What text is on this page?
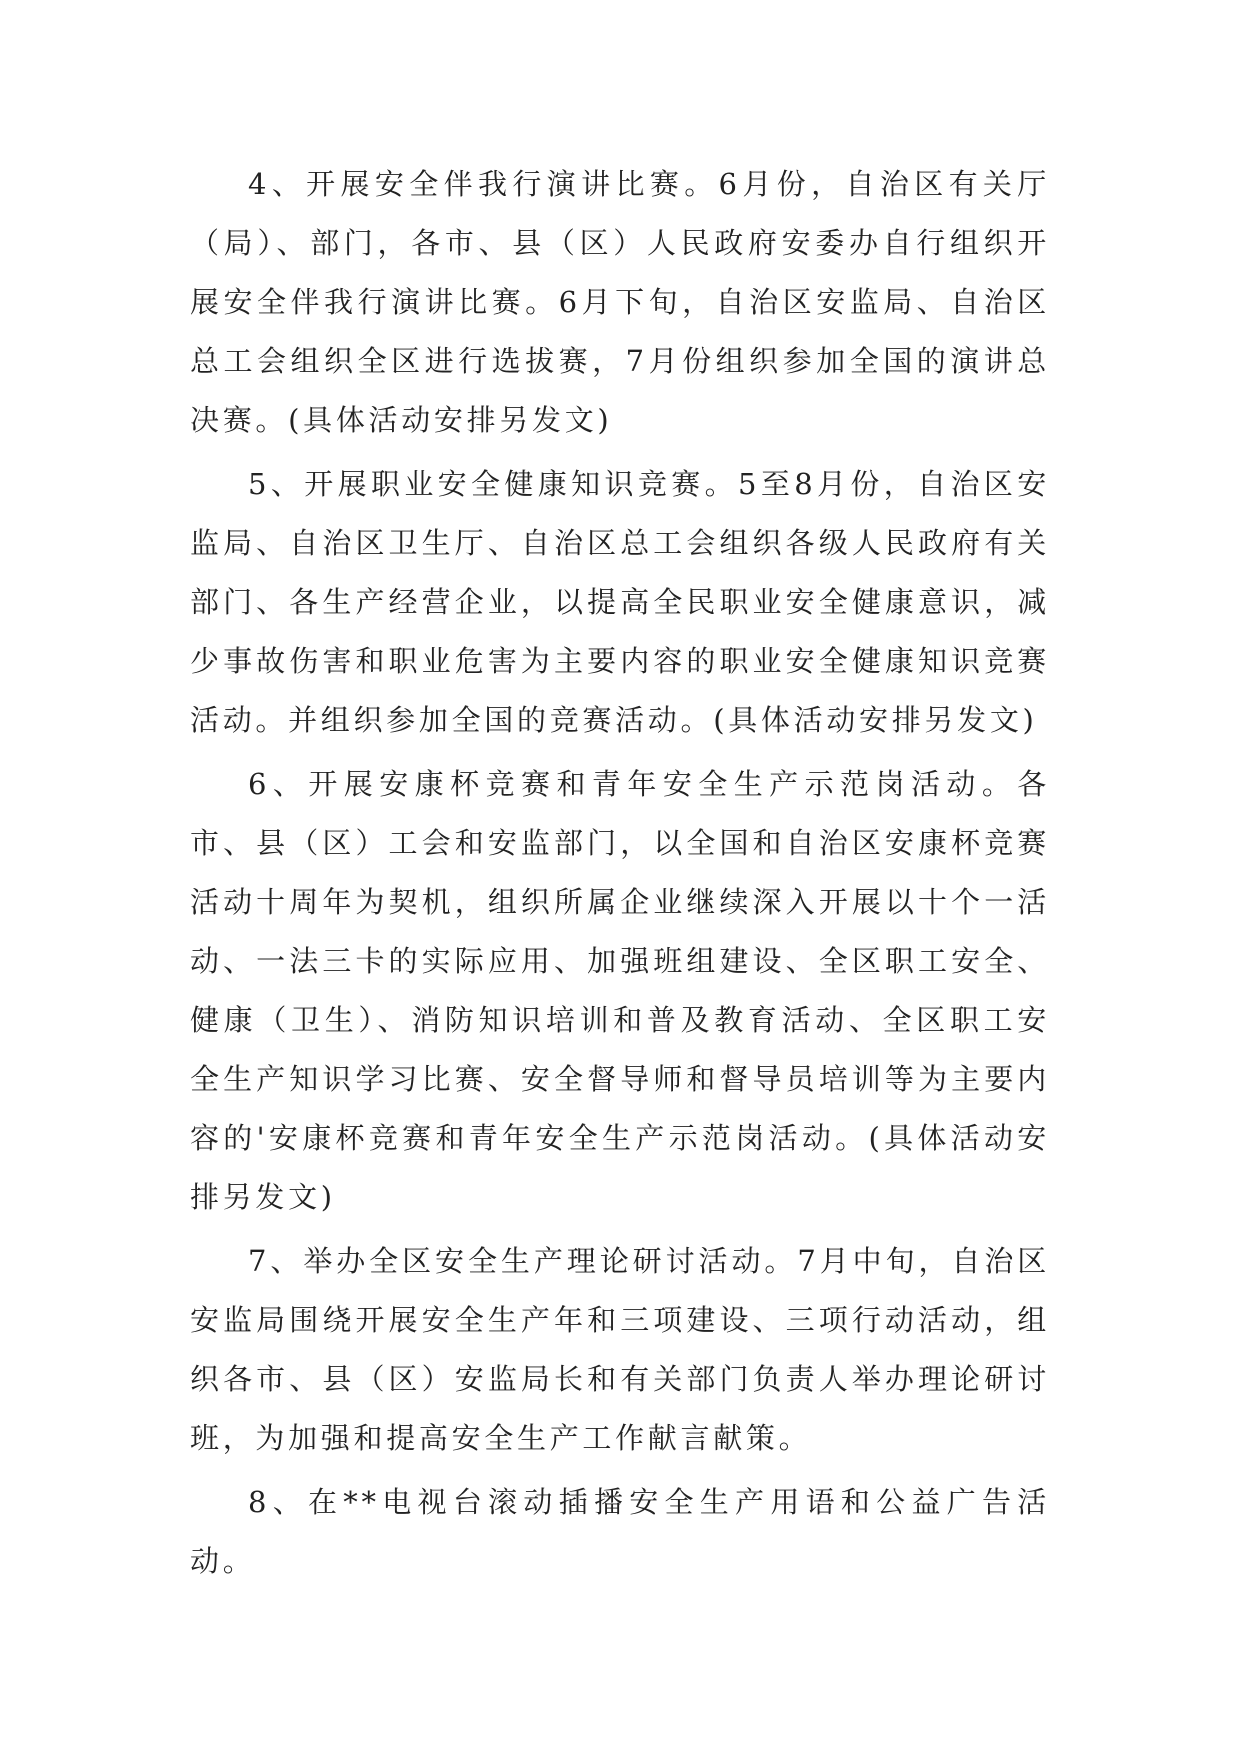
4、开展安全伴我行演讲比赛。6月份，自治区有关厅（局）、部门，各市、县（区）人民政府安委办自行组织开展安全伴我行演讲比赛。6月下旬，自治区安监局、自治区总工会组织全区进行选拔赛，7月份组织参加全国的演讲总决赛。(具体活动安排另发文)

5、开展职业安全健康知识竞赛。5至8月份，自治区安监局、自治区卫生厅、自治区总工会组织各级人民政府有关部门、各生产经营企业，以提高全民职业安全健康意识，减少事故伤害和职业危害为主要内容的职业安全健康知识竞赛活动。并组织参加全国的竞赛活动。(具体活动安排另发文)

6、开展安康杯竞赛和青年安全生产示范岗活动。各市、县（区）工会和安监部门，以全国和自治区安康杯竞赛活动十周年为契机，组织所属企业继续深入开展以十个一活动、一法三卡的实际应用、加强班组建设、全区职工安全、健康（卫生）、消防知识培训和普及教育活动、全区职工安全生产知识学习比赛、安全督导师和督导员培训等为主要内容的'安康杯竞赛和青年安全生产示范岗活动。(具体活动安排另发文)

7、举办全区安全生产理论研讨活动。7月中旬，自治区安监局围绕开展安全生产年和三项建设、三项行动活动，组织各市、县（区）安监局长和有关部门负责人举办理论研讨班，为加强和提高安全生产工作献言献策。

8、在**电视台滚动插播安全生产用语和公益广告活动。
